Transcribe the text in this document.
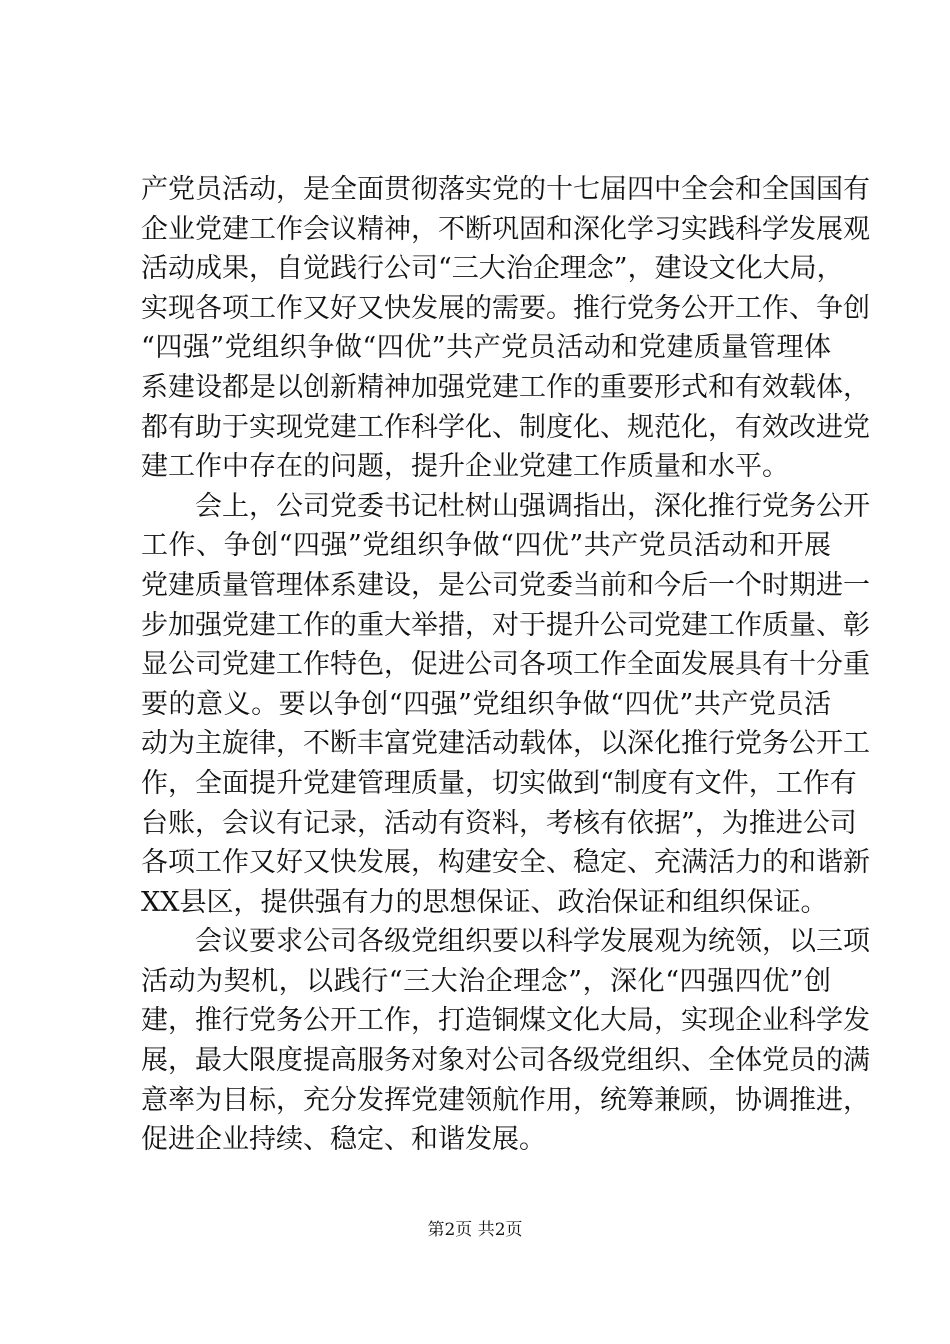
产党员活动，是全面贯彻落实党的十七届四中全会和全国国有
企业党建工作会议精神，不断巩固和深化学习实践科学发展观
活动成果，自觉践行公司“三大治企理念”，建设文化大局，
实现各项工作又好又快发展的需要。推行党务公开工作、争创
“四强”党组织争做“四优”共产党员活动和党建质量管理体
系建设都是以创新精神加强党建工作的重要形式和有效载体，
都有助于实现党建工作科学化、制度化、规范化，有效改进党
建工作中存在的问题，提升企业党建工作质量和水平。
会上，公司党委书记杜树山强调指出，深化推行党务公开
工作、争创“四强”党组织争做“四优”共产党员活动和开展
党建质量管理体系建设，是公司党委当前和今后一个时期进一
步加强党建工作的重大举措，对于提升公司党建工作质量、彰
显公司党建工作特色，促进公司各项工作全面发展具有十分重
要的意义。要以争创“四强”党组织争做“四优”共产党员活
动为主旋律，不断丰富党建活动载体，以深化推行党务公开工
作，全面提升党建管理质量，切实做到“制度有文件，工作有
台账，会议有记录，活动有资料，考核有依据”，为推进公司
各项工作又好又快发展，构建安全、稳定、充满活力的和谐新
XX县区，提供强有力的思想保证、政治保证和组织保证。
会议要求公司各级党组织要以科学发展观为统领，以三项
活动为契机，以践行“三大治企理念”，深化“四强四优”创
建，推行党务公开工作，打造铜煤文化大局，实现企业科学发
展，最大限度提高服务对象对公司各级党组织、全体党员的满
意率为目标，充分发挥党建领航作用，统筹兼顾，协调推进，
促进企业持续、稳定、和谐发展。
第2页 共2页
